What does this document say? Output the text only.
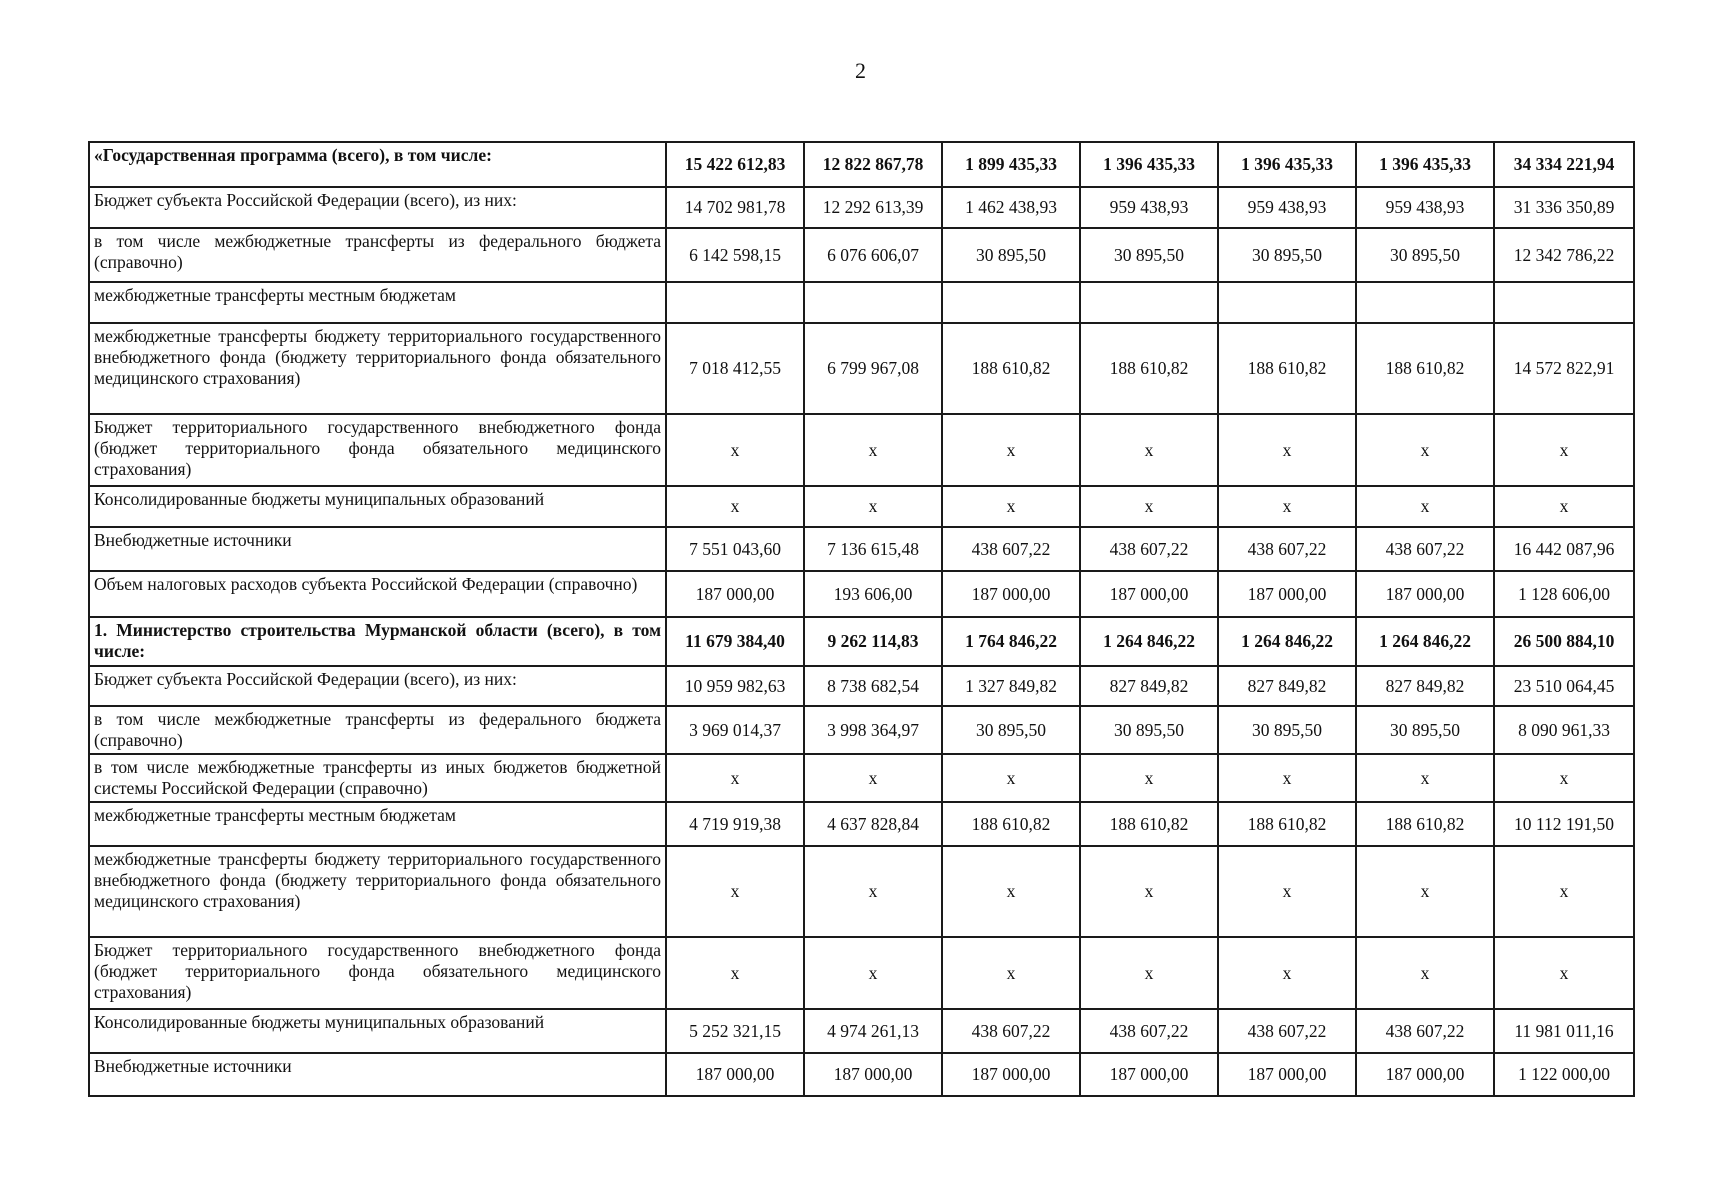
2
«Государственная программа (всего), в том числе:	15 422 612,83	12 822 867,78	1 899 435,33	1 396 435,33	1 396 435,33	1 396 435,33	34 334 221,94
Бюджет субъекта Российской Федерации (всего), из них:	14 702 981,78	12 292 613,39	1 462 438,93	959 438,93	959 438,93	959 438,93	31 336 350,89
в том числе межбюджетные трансферты из федерального бюджета (справочно)	6 142 598,15	6 076 606,07	30 895,50	30 895,50	30 895,50	30 895,50	12 342 786,22
межбюджетные трансферты местным бюджетам							
межбюджетные трансферты бюджету территориального государственного внебюджетного фонда (бюджету территориального фонда обязательного медицинского страхования)	7 018 412,55	6 799 967,08	188 610,82	188 610,82	188 610,82	188 610,82	14 572 822,91
Бюджет территориального государственного внебюджетного фонда (бюджет территориального фонда обязательного медицинского страхования)	х	х	х	х	х	х	х
Консолидированные бюджеты муниципальных образований	х	х	х	х	х	х	х
Внебюджетные источники	7 551 043,60	7 136 615,48	438 607,22	438 607,22	438 607,22	438 607,22	16 442 087,96
Объем налоговых расходов субъекта Российской Федерации (справочно)	187 000,00	193 606,00	187 000,00	187 000,00	187 000,00	187 000,00	1 128 606,00
1. Министерство строительства Мурманской области (всего), в том числе:	11 679 384,40	9 262 114,83	1 764 846,22	1 264 846,22	1 264 846,22	1 264 846,22	26 500 884,10
Бюджет субъекта Российской Федерации (всего), из них:	10 959 982,63	8 738 682,54	1 327 849,82	827 849,82	827 849,82	827 849,82	23 510 064,45
в том числе межбюджетные трансферты из федерального бюджета (справочно)	3 969 014,37	3 998 364,97	30 895,50	30 895,50	30 895,50	30 895,50	8 090 961,33
в том числе межбюджетные трансферты из иных бюджетов бюджетной системы Российской Федерации (справочно)	х	х	х	х	х	х	х
межбюджетные трансферты местным бюджетам	4 719 919,38	4 637 828,84	188 610,82	188 610,82	188 610,82	188 610,82	10 112 191,50
межбюджетные трансферты бюджету территориального государственного внебюджетного фонда (бюджету территориального фонда обязательного медицинского страхования)	х	х	х	х	х	х	х
Бюджет территориального государственного внебюджетного фонда (бюджет территориального фонда обязательного медицинского страхования)	х	х	х	х	х	х	х
Консолидированные бюджеты муниципальных образований	5 252 321,15	4 974 261,13	438 607,22	438 607,22	438 607,22	438 607,22	11 981 011,16
Внебюджетные источники	187 000,00	187 000,00	187 000,00	187 000,00	187 000,00	187 000,00	1 122 000,00
